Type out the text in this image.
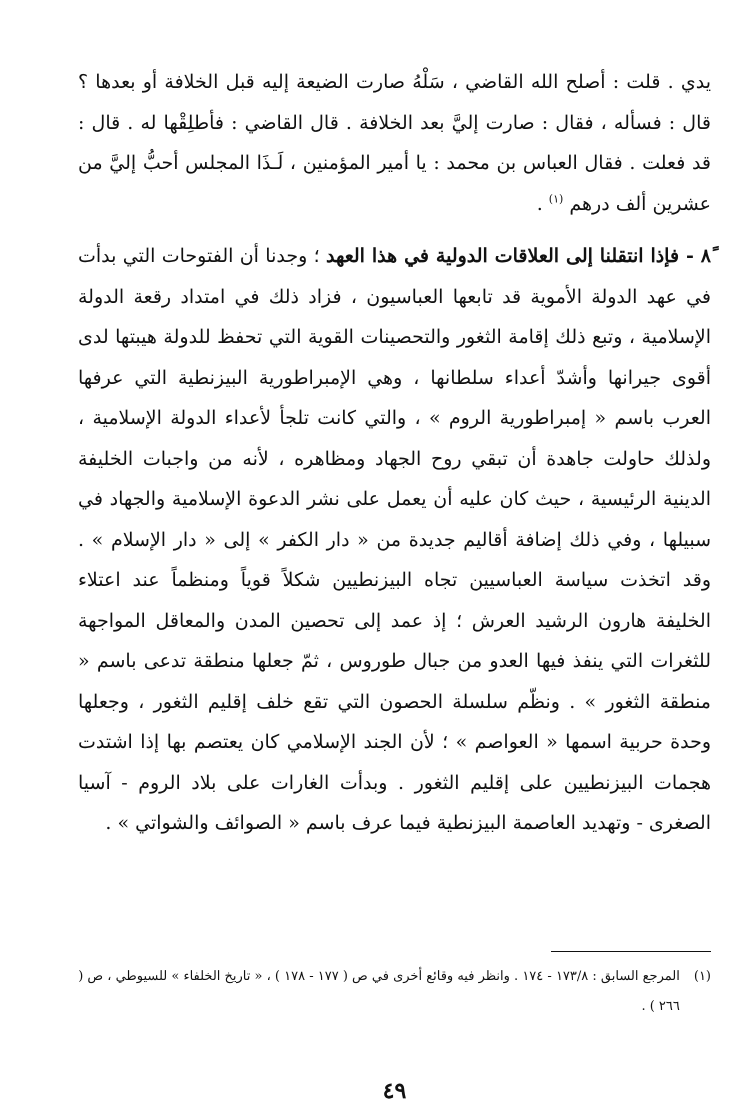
يدي . قلت : أصلح الله القاضي ، سَلْهُ صارت الضيعة إليه قبل الخلافة أو بعدها ؟ قال : فسأله ، فقال : صارت إليَّ بعد الخلافة . قال القاضي : فأطلِقْها له . قال : قد فعلت . فقال العباس بن محمد : يا أمير المؤمنين ، لَـذَا المجلس أحبُّ إليَّ من عشرين ألف درهم $^{(١)}$ .

٨ً - فإذا انتقلنا إلى العلاقات الدولية في هذا العهد ؛ وجدنا أن الفتوحات التي بدأت في عهد الدولة الأموية قد تابعها العباسيون ، فزاد ذلك في امتداد رقعة الدولة الإسلامية ، وتبع ذلك إقامة الثغور والتحصينات القوية التي تحفظ للدولة هيبتها لدى أقوى جيرانها وأشدّ أعداء سلطانها ، وهي الإمبراطورية البيزنطية التي عرفها العرب باسم « إمبراطورية الروم » ، والتي كانت تلجأ لأعداء الدولة الإسلامية ، ولذلك حاولت جاهدة أن تبقي روح الجهاد ومظاهره ، لأنه من واجبات الخليفة الدينية الرئيسية ، حيث كان عليه أن يعمل على نشر الدعوة الإسلامية والجهاد في سبيلها ، وفي ذلك إضافة أقاليم جديدة من « دار الكفر » إلى « دار الإسلام » . وقد اتخذت سياسة العباسيين تجاه البيزنطيين شكلاً قوياً ومنظماً عند اعتلاء الخليفة هارون الرشيد العرش ؛ إذ عمد إلى تحصين المدن والمعاقل المواجهة للثغرات التي ينفذ فيها العدو من جبال طوروس ، ثمّ جعلها منطقة تدعى باسم « منطقة الثغور » . ونظّم سلسلة الحصون التي تقع خلف إقليم الثغور ، وجعلها وحدة حربية اسمها « العواصم » ؛ لأن الجند الإسلامي كان يعتصم بها إذا اشتدت هجمات البيزنطيين على إقليم الثغور . وبدأت الغارات على بلاد الروم - آسيا الصغرى - وتهديد العاصمة البيزنطية فيما عرف باسم « الصوائف والشواتي » .

(١)
المرجع السابق : ١٧٣/٨ - ١٧٤ . وانظر فيه وقائع أخرى في ص ( ١٧٧ - ١٧٨ ) ، « تاريخ الخلفاء » للسيوطي ، ص ( ٢٦٦ ) .
٤٩
